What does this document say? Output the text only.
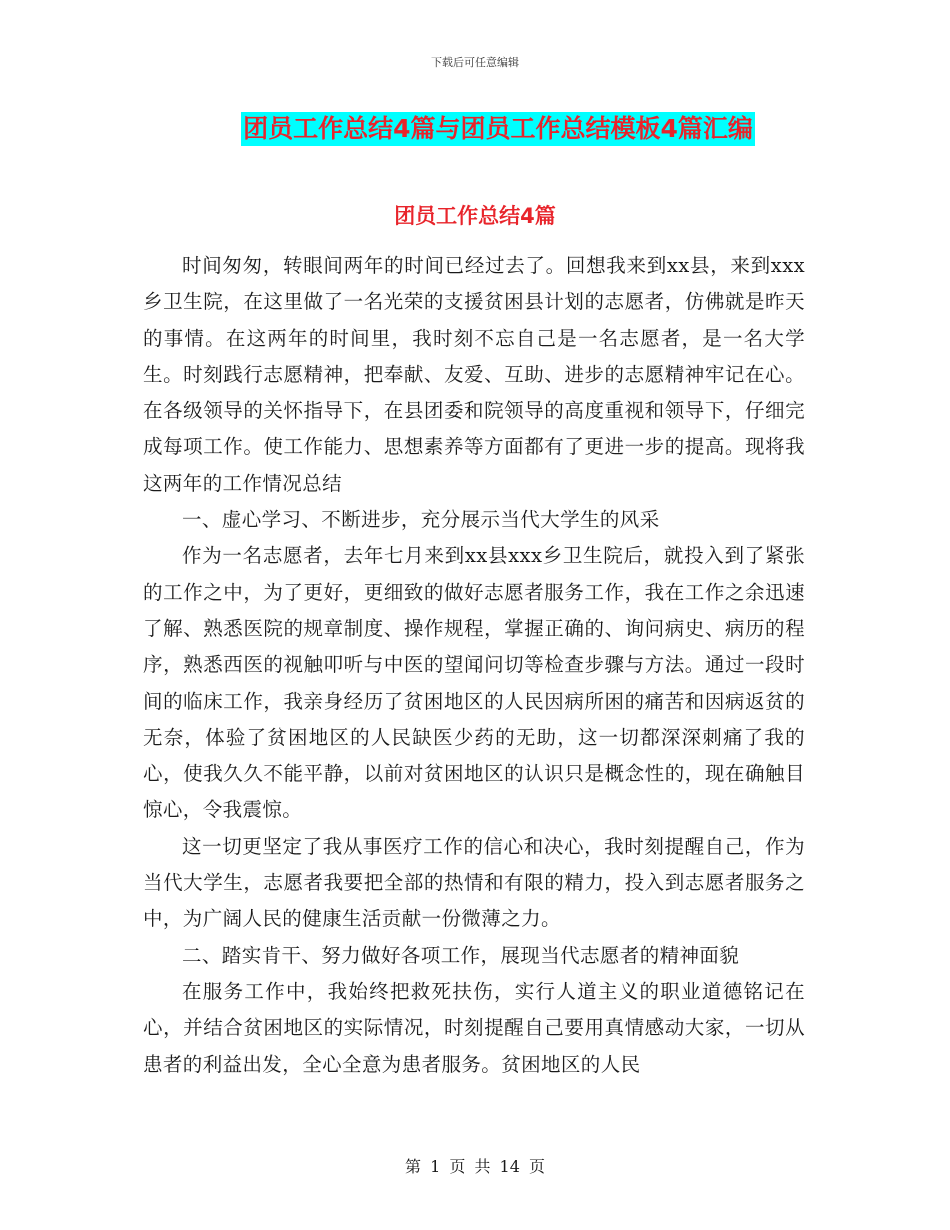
下载后可任意编辑
团员工作总结4篇与团员工作总结模板4篇汇编
团员工作总结4篇

时间匆匆，转眼间两年的时间已经过去了。回想我来到xx县，来到xxx乡卫生院，在这里做了一名光荣的支援贫困县计划的志愿者，仿佛就是昨天的事情。在这两年的时间里，我时刻不忘自己是一名志愿者，是一名大学生。时刻践行志愿精神，把奉献、友爱、互助、进步的志愿精神牢记在心。在各级领导的关怀指导下，在县团委和院领导的高度重视和领导下，仔细完成每项工作。使工作能力、思想素养等方面都有了更进一步的提高。现将我这两年的工作情况总结

一、虚心学习、不断进步，充分展示当代大学生的风采

作为一名志愿者，去年七月来到xx县xxx乡卫生院后，就投入到了紧张的工作之中，为了更好，更细致的做好志愿者服务工作，我在工作之余迅速了解、熟悉医院的规章制度、操作规程，掌握正确的、询问病史、病历的程序，熟悉西医的视触叩听与中医的望闻问切等检查步骤与方法。通过一段时间的临床工作，我亲身经历了贫困地区的人民因病所困的痛苦和因病返贫的无奈，体验了贫困地区的人民缺医少药的无助，这一切都深深刺痛了我的心，使我久久不能平静，以前对贫困地区的认识只是概念性的，现在确触目惊心，令我震惊。

这一切更坚定了我从事医疗工作的信心和决心，我时刻提醒自己，作为当代大学生，志愿者我要把全部的热情和有限的精力，投入到志愿者服务之中，为广阔人民的健康生活贡献一份微薄之力。

二、踏实肯干、努力做好各项工作，展现当代志愿者的精神面貌

在服务工作中，我始终把救死扶伤，实行人道主义的职业道德铭记在心，并结合贫困地区的实际情况，时刻提醒自己要用真情感动大家，一切从患者的利益出发，全心全意为患者服务。贫困地区的人民

第 1 页 共 14 页
